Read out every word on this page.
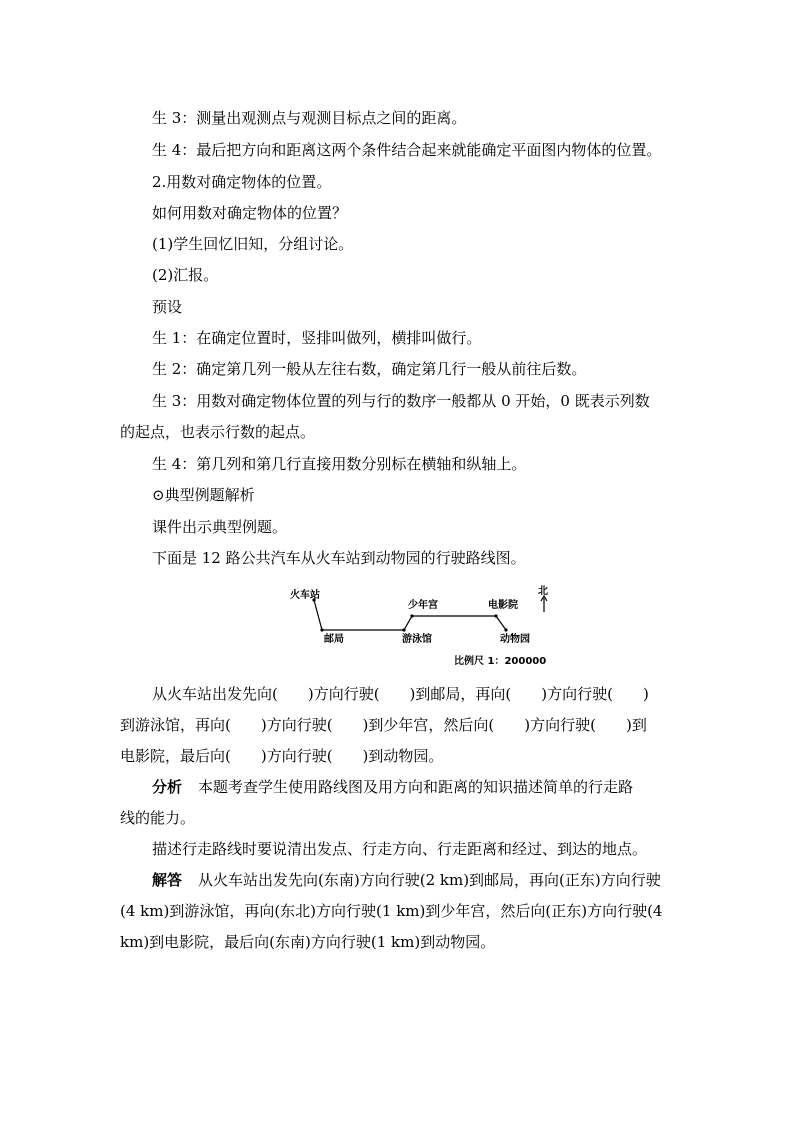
生 3：测量出观测点与观测目标点之间的距离。
生 4：最后把方向和距离这两个条件结合起来就能确定平面图内物体的位置。
2.用数对确定物体的位置。
如何用数对确定物体的位置？
(1)学生回忆旧知，分组讨论。
(2)汇报。
预设
生 1：在确定位置时，竖排叫做列，横排叫做行。
生 2：确定第几列一般从左往右数，确定第几行一般从前往后数。
生 3：用数对确定物体位置的列与行的数序一般都从 0 开始，0 既表示列数
的起点，也表示行数的起点。
生 4：第几列和第几行直接用数分别标在横轴和纵轴上。
⊙典型例题解析
课件出示典型例题。
下面是 12 路公共汽车从火车站到动物园的行驶路线图。
火车站
邮局	游泳馆
少年宫	电影院
动物园
北
比例尺 1：200000
从火车站出发先向(　　)方向行驶(　　)到邮局，再向(　　)方向行驶(　　)
到游泳馆，再向(　　)方向行驶(　　)到少年宫，然后向(　　)方向行驶(　　)到
电影院，最后向(　　)方向行驶(　　)到动物园。
分析 本题考查学生使用路线图及用方向和距离的知识描述简单的行走路
线的能力。
描述行走路线时要说清出发点、行走方向、行走距离和经过、到达的地点。
解答 从火车站出发先向(东南)方向行驶(2 km)到邮局，再向(正东)方向行驶
(4 km)到游泳馆，再向(东北)方向行驶(1 km)到少年宫，然后向(正东)方向行驶(4
km)到电影院，最后向(东南)方向行驶(1 km)到动物园。
